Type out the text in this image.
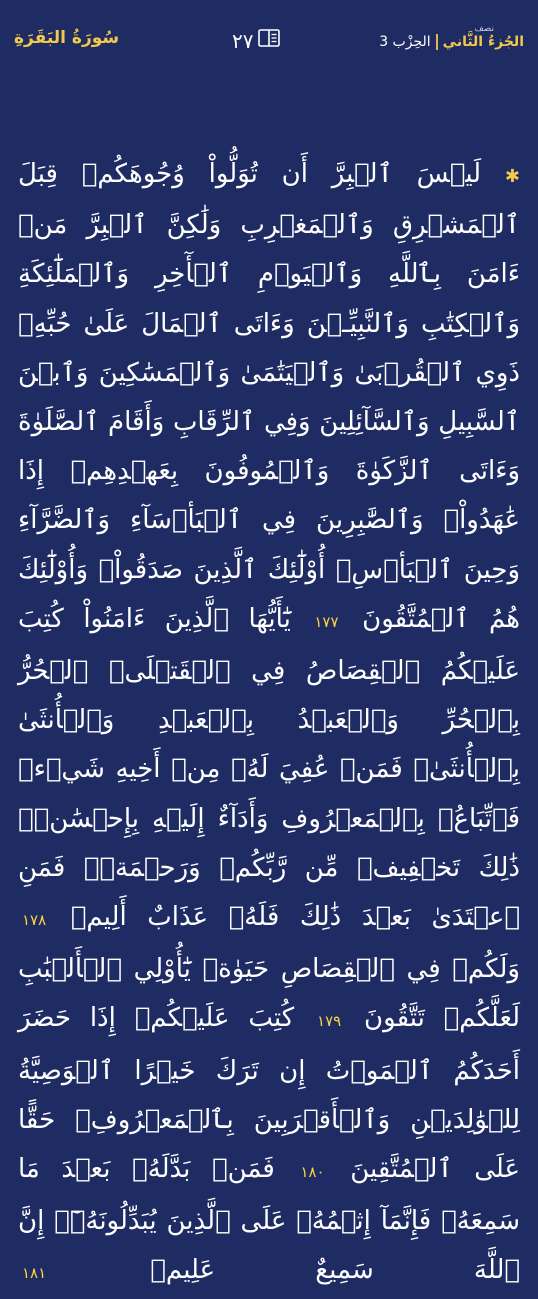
سُورَةُ البَقَرَةِ	٢٧	نصف
الحِزْب 3 الجُزءُ الثَّاني
✱ لَيۡسَ ٱلۡبِرَّ أَن تُوَلُّواْ وُجُوهَكُمۡ قِبَلَ ٱلۡمَشۡرِقِ وَٱلۡمَغۡرِبِ وَلَٰكِنَّ ٱلۡبِرَّ مَنۡ ءَامَنَ بِٱللَّهِ وَٱلۡيَوۡمِ ٱلۡأٓخِرِ وَٱلۡمَلَٰٓئِكَةِ وَٱلۡكِتَٰبِ وَٱلنَّبِيِّـۧنَ وَءَاتَى ٱلۡمَالَ عَلَىٰ حُبِّهِۦ ذَوِي ٱلۡقُرۡبَىٰ وَٱلۡيَتَٰمَىٰ وَٱلۡمَسَٰكِينَ وَٱبۡنَ ٱلسَّبِيلِ وَٱلسَّآئِلِينَ وَفِي ٱلرِّقَابِ وَأَقَامَ ٱلصَّلَوٰةَ وَءَاتَى ٱلزَّكَوٰةَ وَٱلۡمُوفُونَ بِعَهۡدِهِمۡ إِذَا عَٰهَدُواْۖ وَٱلصَّٰبِرِينَ فِي ٱلۡبَأۡسَآءِ وَٱلضَّرَّآءِ وَحِينَ ٱلۡبَأۡسِۗ أُوْلَٰٓئِكَ ٱلَّذِينَ صَدَقُواْۖ وَأُوْلَٰٓئِكَ هُمُ ٱلۡمُتَّقُونَ ١٧٧ يَٰٓأَيُّهَا ٱلَّذِينَ ءَامَنُواْ كُتِبَ عَلَيۡكُمُ ٱلۡقِصَاصُ فِي ٱلۡقَتۡلَىۖ ٱلۡحُرُّ بِٱلۡحُرِّ وَٱلۡعَبۡدُ بِٱلۡعَبۡدِ وَٱلۡأُنثَىٰ بِٱلۡأُنثَىٰۚ فَمَنۡ عُفِيَ لَهُۥ مِنۡ أَخِيهِ شَيۡءٞ فَٱتِّبَاعُۢ بِٱلۡمَعۡرُوفِ وَأَدَآءٌ إِلَيۡهِ بِإِحۡسَٰنٖۗ ذَٰلِكَ تَخۡفِيفٞ مِّن رَّبِّكُمۡ وَرَحۡمَةٞۗ فَمَنِ ٱعۡتَدَىٰ بَعۡدَ ذَٰلِكَ فَلَهُۥ عَذَابٌ أَلِيمٞ ١٧٨ وَلَكُمۡ فِي ٱلۡقِصَاصِ حَيَوٰةٞ يَٰٓأُوْلِي ٱلۡأَلۡبَٰبِ لَعَلَّكُمۡ تَتَّقُونَ ١٧٩ كُتِبَ عَلَيۡكُمۡ إِذَا حَضَرَ أَحَدَكُمُ ٱلۡمَوۡتُ إِن تَرَكَ خَيۡرًا ٱلۡوَصِيَّةُ لِلۡوَٰلِدَيۡنِ وَٱلۡأَقۡرَبِينَ بِٱلۡمَعۡرُوفِۖ حَقًّا عَلَى ٱلۡمُتَّقِينَ ١٨٠ فَمَنۢ بَدَّلَهُۥ بَعۡدَ مَا سَمِعَهُۥ فَإِنَّمَآ إِثۡمُهُۥ عَلَى ٱلَّذِينَ يُبَدِّلُونَهُۥٓۚ إِنَّ ٱللَّهَ سَمِيعٌ عَلِيمٞ ١٨١
